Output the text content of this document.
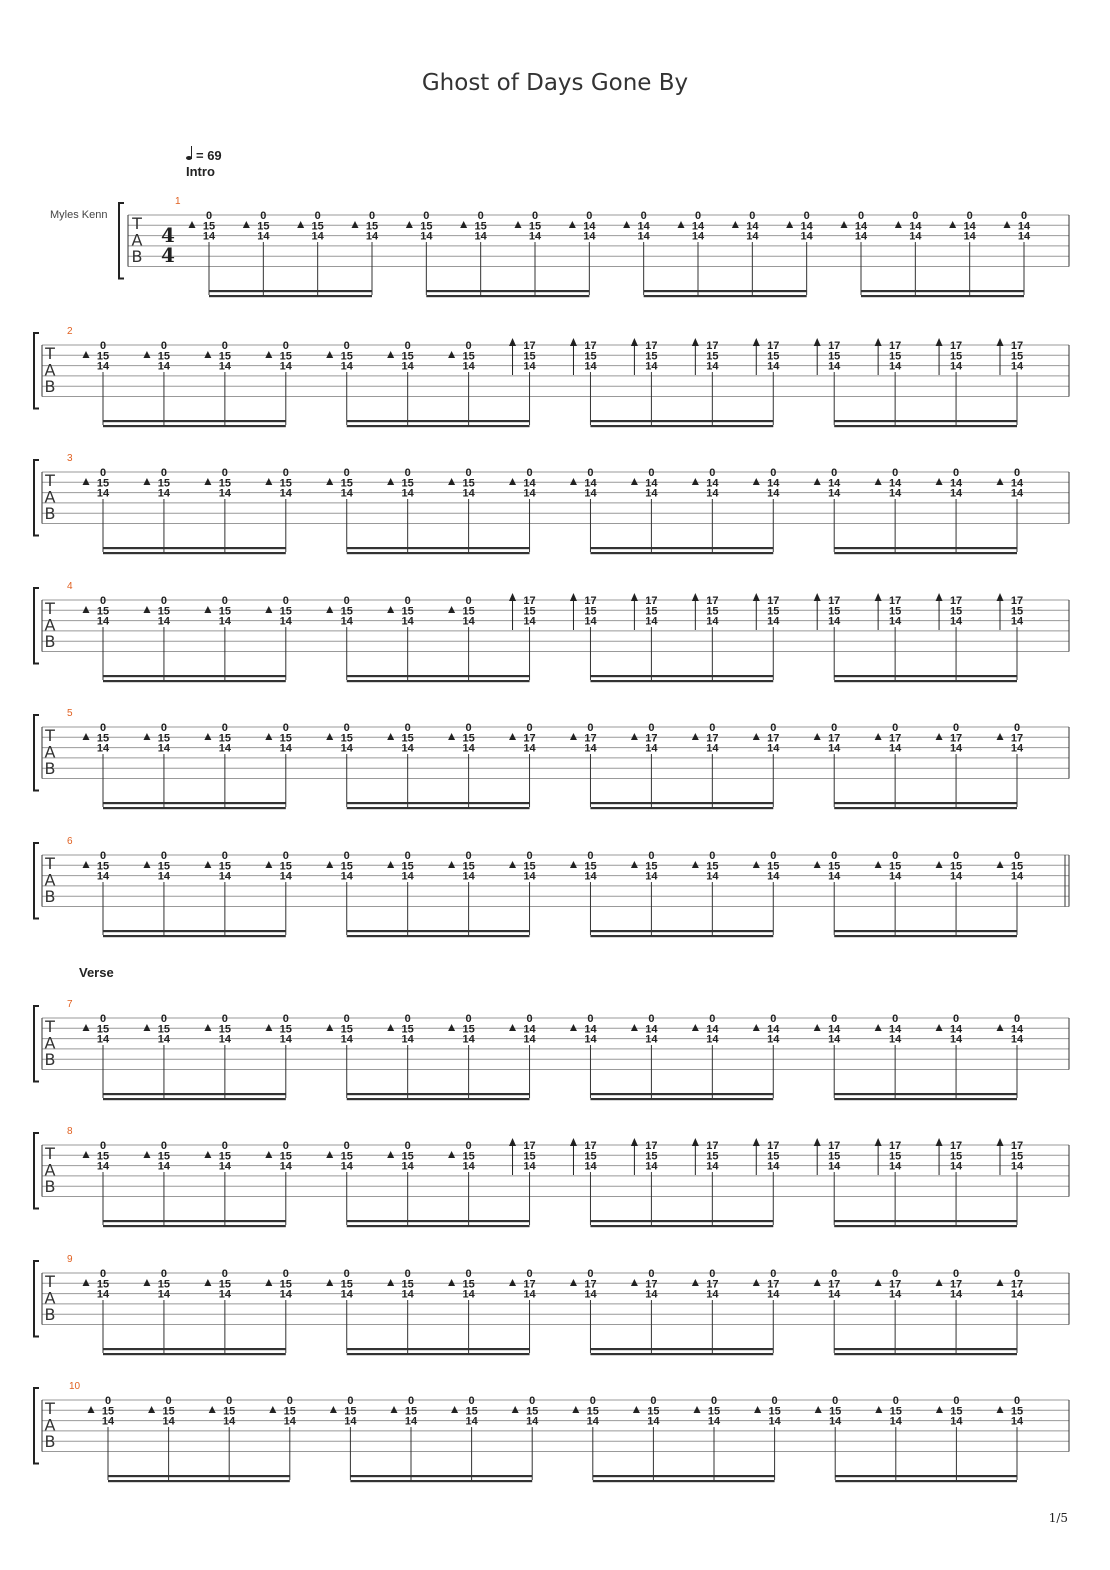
Ghost of Days Gone By
= 69
Intro
Verse
Myles Kenn
1/5
T
A
B
4
4
1
0
15
14
0
15
14
0
15
14
0
15
14
0
15
14
0
15
14
0
15
14
0
14
14
0
14
14
0
14
14
0
14
14
0
14
14
0
14
14
0
14
14
0
14
14
0
14
14
T
A
B
2
0
15
14
0
15
14
0
15
14
0
15
14
0
15
14
0
15
14
0
15
14
17
15
14
17
15
14
17
15
14
17
15
14
17
15
14
17
15
14
17
15
14
17
15
14
17
15
14
T
A
B
3
0
15
14
0
15
14
0
15
14
0
15
14
0
15
14
0
15
14
0
15
14
0
14
14
0
14
14
0
14
14
0
14
14
0
14
14
0
14
14
0
14
14
0
14
14
0
14
14
T
A
B
4
0
15
14
0
15
14
0
15
14
0
15
14
0
15
14
0
15
14
0
15
14
17
15
14
17
15
14
17
15
14
17
15
14
17
15
14
17
15
14
17
15
14
17
15
14
17
15
14
T
A
B
5
0
15
14
0
15
14
0
15
14
0
15
14
0
15
14
0
15
14
0
15
14
0
17
14
0
17
14
0
17
14
0
17
14
0
17
14
0
17
14
0
17
14
0
17
14
0
17
14
T
A
B
6
0
15
14
0
15
14
0
15
14
0
15
14
0
15
14
0
15
14
0
15
14
0
15
14
0
15
14
0
15
14
0
15
14
0
15
14
0
15
14
0
15
14
0
15
14
0
15
14
T
A
B
7
0
15
14
0
15
14
0
15
14
0
15
14
0
15
14
0
15
14
0
15
14
0
14
14
0
14
14
0
14
14
0
14
14
0
14
14
0
14
14
0
14
14
0
14
14
0
14
14
T
A
B
8
0
15
14
0
15
14
0
15
14
0
15
14
0
15
14
0
15
14
0
15
14
17
15
14
17
15
14
17
15
14
17
15
14
17
15
14
17
15
14
17
15
14
17
15
14
17
15
14
T
A
B
9
0
15
14
0
15
14
0
15
14
0
15
14
0
15
14
0
15
14
0
15
14
0
17
14
0
17
14
0
17
14
0
17
14
0
17
14
0
17
14
0
17
14
0
17
14
0
17
14
T
A
B
10
0
15
14
0
15
14
0
15
14
0
15
14
0
15
14
0
15
14
0
15
14
0
15
14
0
15
14
0
15
14
0
15
14
0
15
14
0
15
14
0
15
14
0
15
14
0
15
14
